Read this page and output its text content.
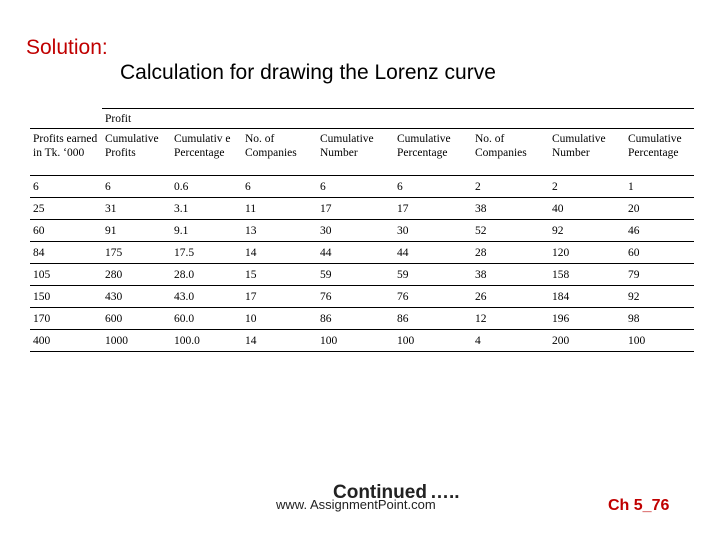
Solution:
Calculation for drawing the Lorenz curve
	Profit							
Profits earned in Tk. ‘000	Cumulative Profits	Cumulativ e Percentage	No. of Companies	Cumulative Number	Cumulative Percentage	No. of Companies	Cumulative Number	Cumulative Percentage
6	6	0.6	6	6	6	2	2	1
25	31	3.1	11	17	17	38	40	20
60	91	9.1	13	30	30	52	92	46
84	175	17.5	14	44	44	28	120	60
105	280	28.0	15	59	59	38	158	79
150	430	43.0	17	76	76	26	184	92
170	600	60.0	10	86	86	12	196	98
400	1000	100.0	14	100	100	4	200	100
www. AssignmentPoint.com
Continued …..
Ch 5_76
